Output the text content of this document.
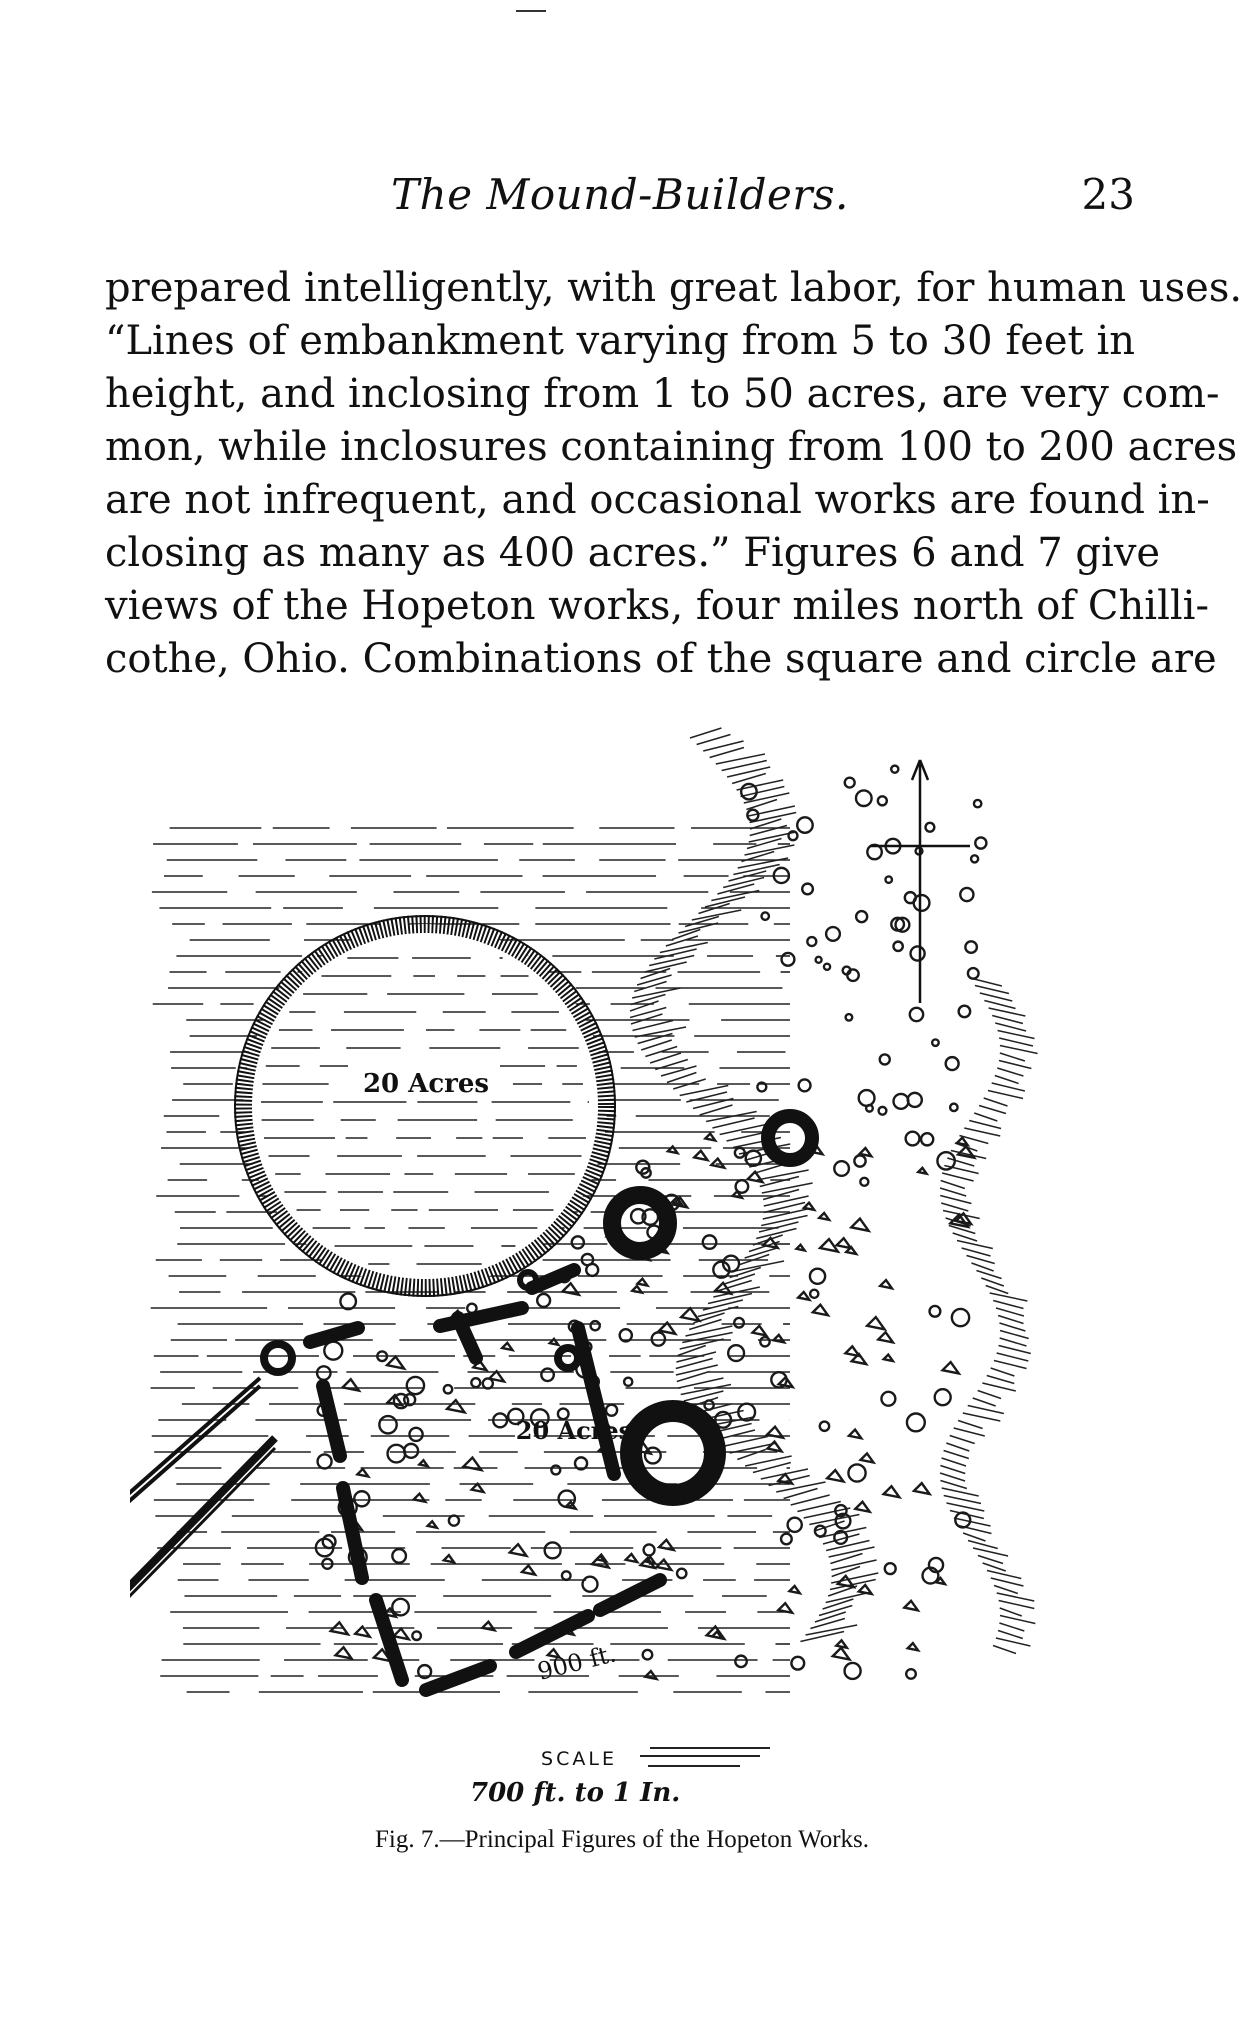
The Mound-Builders.	23
prepared intelligently, with great labor, for human uses.
“Lines of embankment varying from 5 to 30 feet in
height, and inclosing from 1 to 50 acres, are very com-
mon, while inclosures containing from 100 to 200 acres
are not infrequent, and occasional works are found in-
closing as many as 400 acres.” Figures 6 and 7 give
views of the Hopeton works, four miles north of Chilli-
cothe, Ohio. Combinations of the square and circle are
20 Acres
20 Acres
900 ft.
SCALE
700 ft. to 1 In.
Fig. 7.—Principal Figures of the Hopeton Works.
